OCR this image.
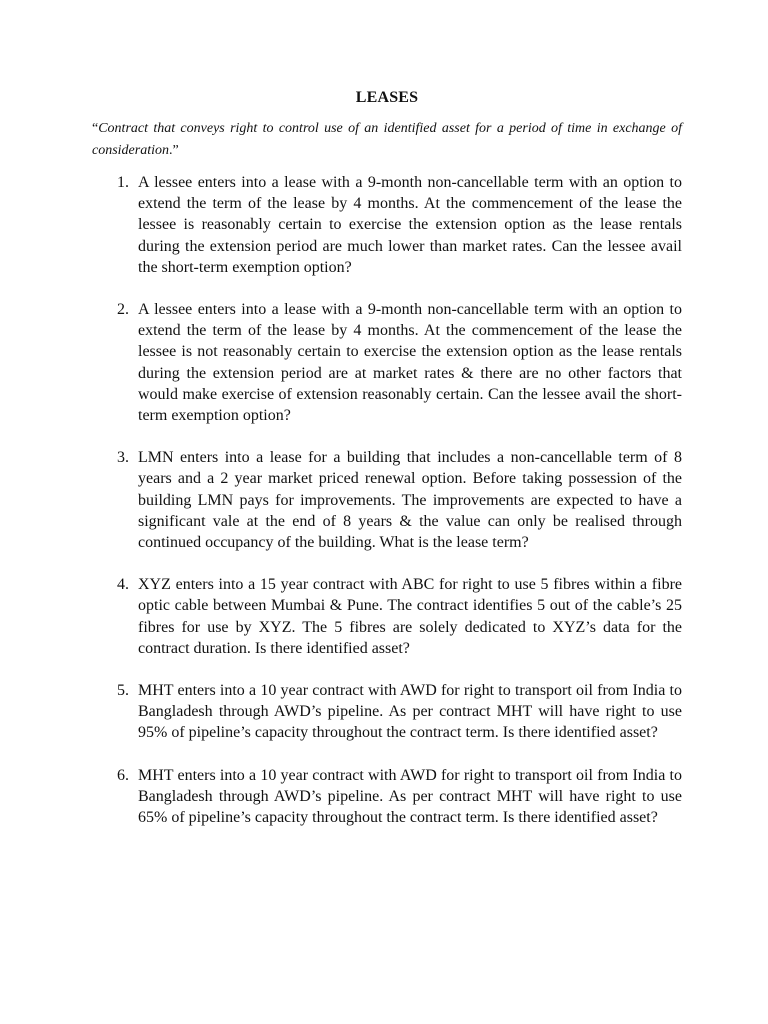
LEASES

“Contract that conveys right to control use of an identified asset for a period of time in exchange of consideration.”

1. A lessee enters into a lease with a 9-month non-cancellable term with an option to extend the term of the lease by 4 months. At the commencement of the lease the lessee is reasonably certain to exercise the extension option as the lease rentals during the extension period are much lower than market rates. Can the lessee avail the short-term exemption option?
2. A lessee enters into a lease with a 9-month non-cancellable term with an option to extend the term of the lease by 4 months. At the commencement of the lease the lessee is not reasonably certain to exercise the extension option as the lease rentals during the extension period are at market rates & there are no other factors that would make exercise of extension reasonably certain. Can the lessee avail the short-term exemption option?
3. LMN enters into a lease for a building that includes a non-cancellable term of 8 years and a 2 year market priced renewal option. Before taking possession of the building LMN pays for improvements. The improvements are expected to have a significant vale at the end of 8 years & the value can only be realised through continued occupancy of the building. What is the lease term?
4. XYZ enters into a 15 year contract with ABC for right to use 5 fibres within a fibre optic cable between Mumbai & Pune. The contract identifies 5 out of the cable’s 25 fibres for use by XYZ. The 5 fibres are solely dedicated to XYZ’s data for the contract duration. Is there identified asset?
5. MHT enters into a 10 year contract with AWD for right to transport oil from India to Bangladesh through AWD’s pipeline. As per contract MHT will have right to use 95% of pipeline’s capacity throughout the contract term. Is there identified asset?
6. MHT enters into a 10 year contract with AWD for right to transport oil from India to Bangladesh through AWD’s pipeline. As per contract MHT will have right to use 65% of pipeline’s capacity throughout the contract term. Is there identified asset?
